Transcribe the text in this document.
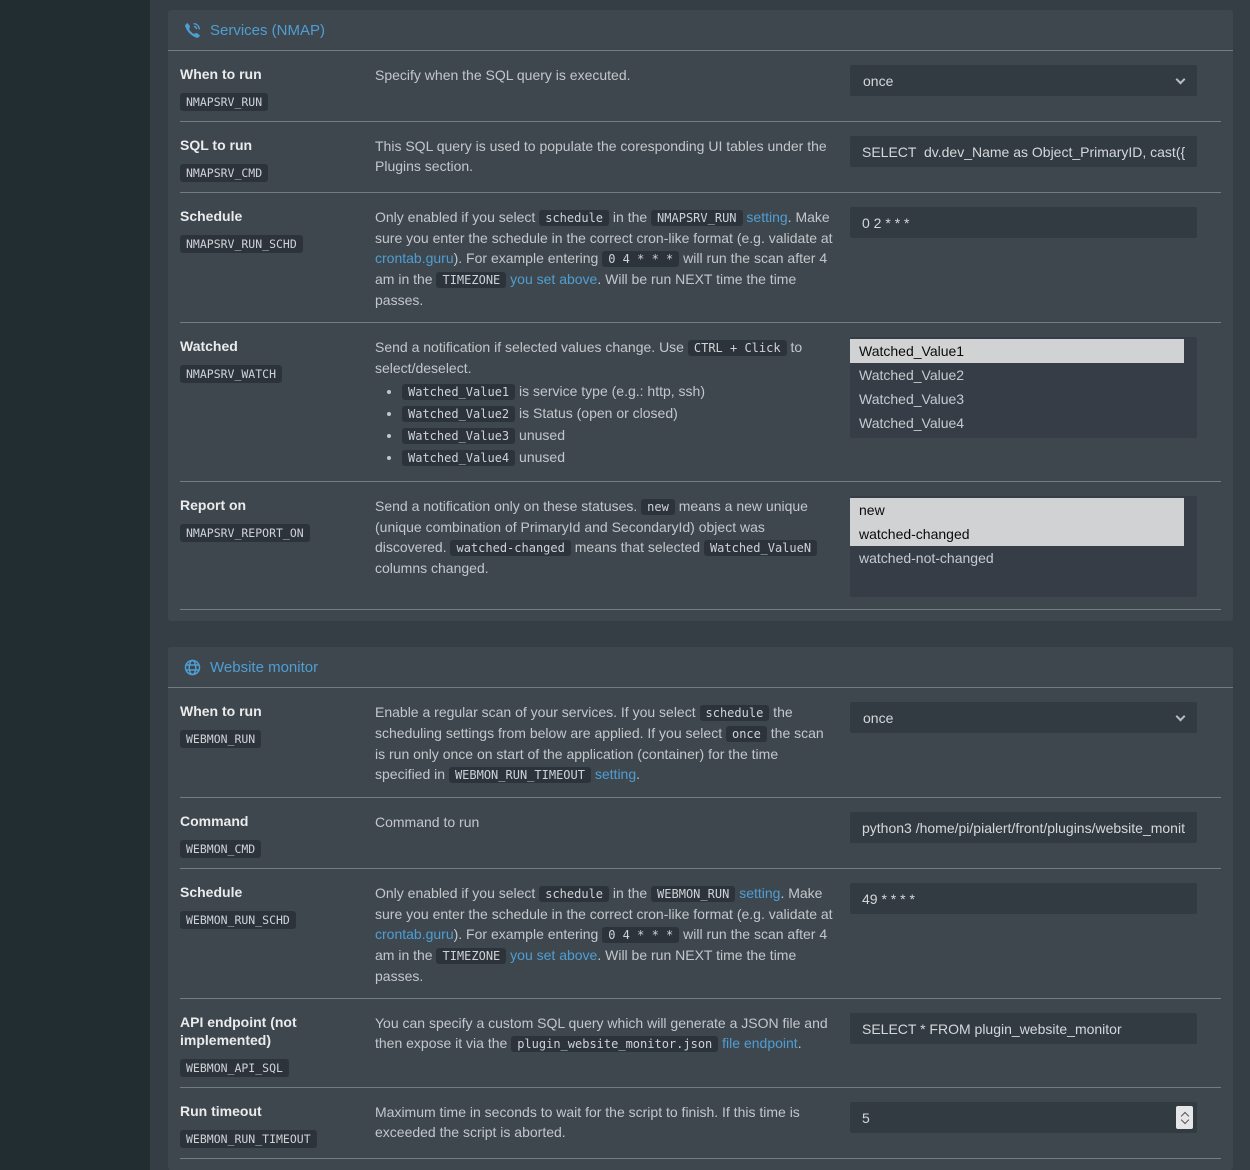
Services (NMAP)
When to run
NMAPSRV_RUN
Specify when the SQL query is executed.	once
SQL to run
NMAPSRV_CMD
This SQL query is used to populate the coresponding UI tables under the Plugins section.
SELECT dv.dev_Name as Object_PrimaryID, cast({s-quo
Schedule
NMAPSRV_RUN_SCHD
Only enabled if you select schedule in the NMAPSRV_RUN setting. Make sure you enter the schedule in the correct cron-like format (e.g. validate at crontab.guru). For example entering 0 4 * * * will run the scan after 4 am in the TIMEZONE you set above. Will be run NEXT time the time passes.
0 2 * * *
Watched
NMAPSRV_WATCH
Send a notification if selected values change. Use CTRL + Click to select/deselect.
• Watched_Value1 is service type (e.g.: http, ssh)
• Watched_Value2 is Status (open or closed)
• Watched_Value3 unused
• Watched_Value4 unused
Watched_Value1
Watched_Value2
Watched_Value3
Watched_Value4
Report on
NMAPSRV_REPORT_ON
Send a notification only on these statuses. new means a new unique (unique combination of PrimaryId and SecondaryId) object was discovered. watched-changed means that selected Watched_ValueN columns changed.
new
watched-changed
watched-not-changed
Website monitor
When to run
WEBMON_RUN
Enable a regular scan of your services. If you select schedule the scheduling settings from below are applied. If you select once the scan is run only once on start of the application (container) for the time specified in WEBMON_RUN_TIMEOUT setting.
once
Command
WEBMON_CMD
Command to run
python3 /home/pi/pialert/front/plugins/website_monit
Schedule
WEBMON_RUN_SCHD
Only enabled if you select schedule in the WEBMON_RUN setting. Make sure you enter the schedule in the correct cron-like format (e.g. validate at crontab.guru). For example entering 0 4 * * * will run the scan after 4 am in the TIMEZONE you set above. Will be run NEXT time the time passes.
49 * * * *
API endpoint (not implemented)
WEBMON_API_SQL
You can specify a custom SQL query which will generate a JSON file and then expose it via the plugin_website_monitor.json file endpoint.
SELECT * FROM plugin_website_monitor
Run timeout
WEBMON_RUN_TIMEOUT
Maximum time in seconds to wait for the script to finish. If this time is exceeded the script is aborted.
5
